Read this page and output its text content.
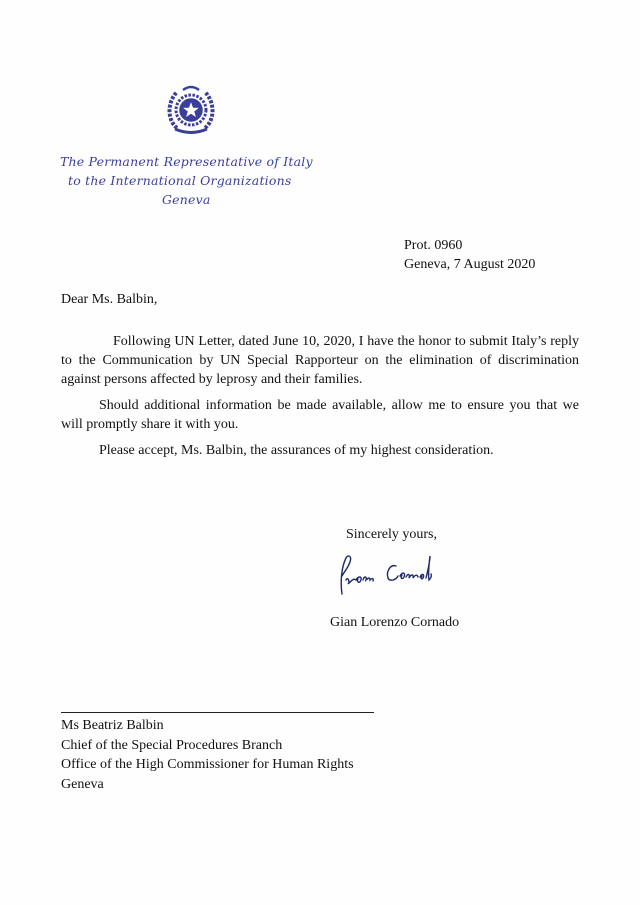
The Permanent Representative of Italy
to the International Organizations
Geneva
Prot. 0960
Geneva, 7 August 2020
Dear Ms. Balbin,
Following UN Letter, dated June 10, 2020, I have the honor to submit Italy’s reply to the Communication by UN Special Rapporteur on the elimination of discrimination against persons affected by leprosy and their families.
Should additional information be made available, allow me to ensure you that we will promptly share it with you.
Please accept, Ms. Balbin, the assurances of my highest consideration.
Sincerely yours,
Gian Lorenzo Cornado
Ms Beatriz Balbin
Chief of the Special Procedures Branch
Office of the High Commissioner for Human Rights
Geneva
